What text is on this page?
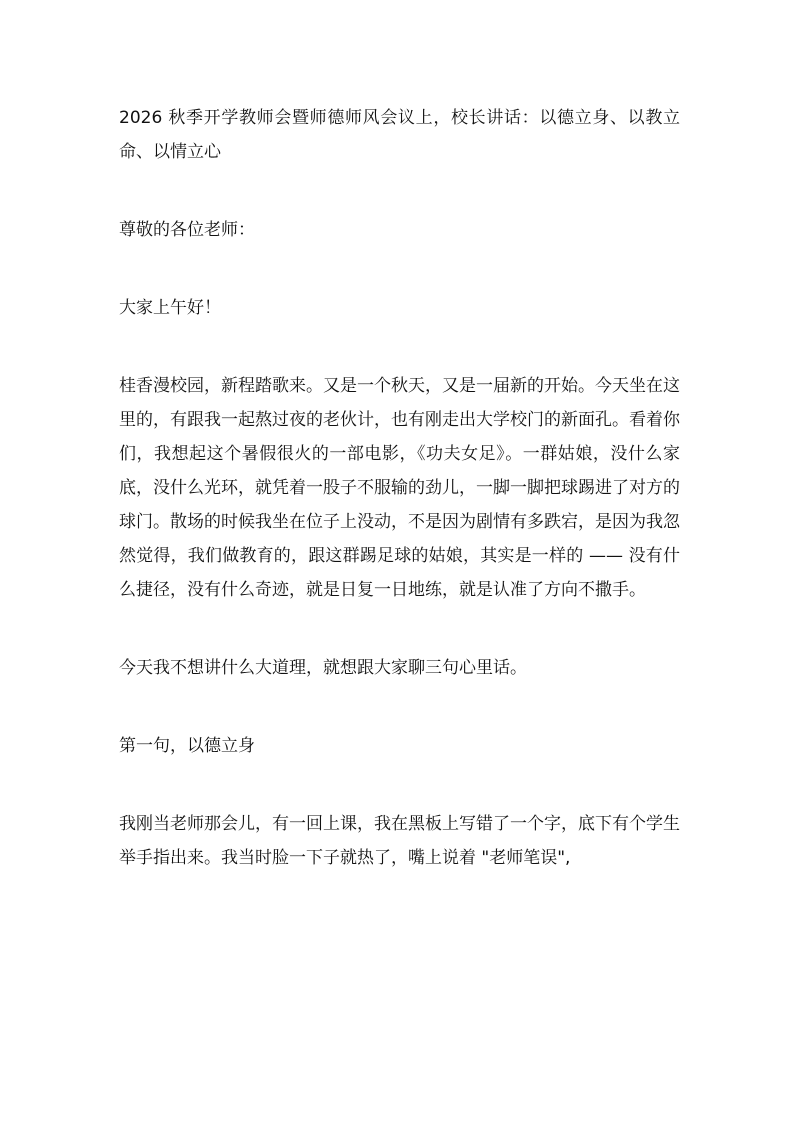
2026 秋季开学教师会暨师德师风会议上，校长讲话：以德立身、以教立命、以情立心

尊敬的各位老师：

大家上午好！

桂香漫校园，新程踏歌来。又是一个秋天，又是一届新的开始。今天坐在这里的，有跟我一起熬过夜的老伙计，也有刚走出大学校门的新面孔。看着你们，我想起这个暑假很火的一部电影，《功夫女足》。一群姑娘，没什么家底，没什么光环，就凭着一股子不服输的劲儿，一脚一脚把球踢进了对方的球门。散场的时候我坐在位子上没动，不是因为剧情有多跌宕，是因为我忽然觉得，我们做教育的，跟这群踢足球的姑娘，其实是一样的 —— 没有什么捷径，没有什么奇迹，就是日复一日地练，就是认准了方向不撒手。

今天我不想讲什么大道理，就想跟大家聊三句心里话。

第一句，以德立身

我刚当老师那会儿，有一回上课，我在黑板上写错了一个字，底下有个学生举手指出来。我当时脸一下子就热了，嘴上说着 "老师笔误",
